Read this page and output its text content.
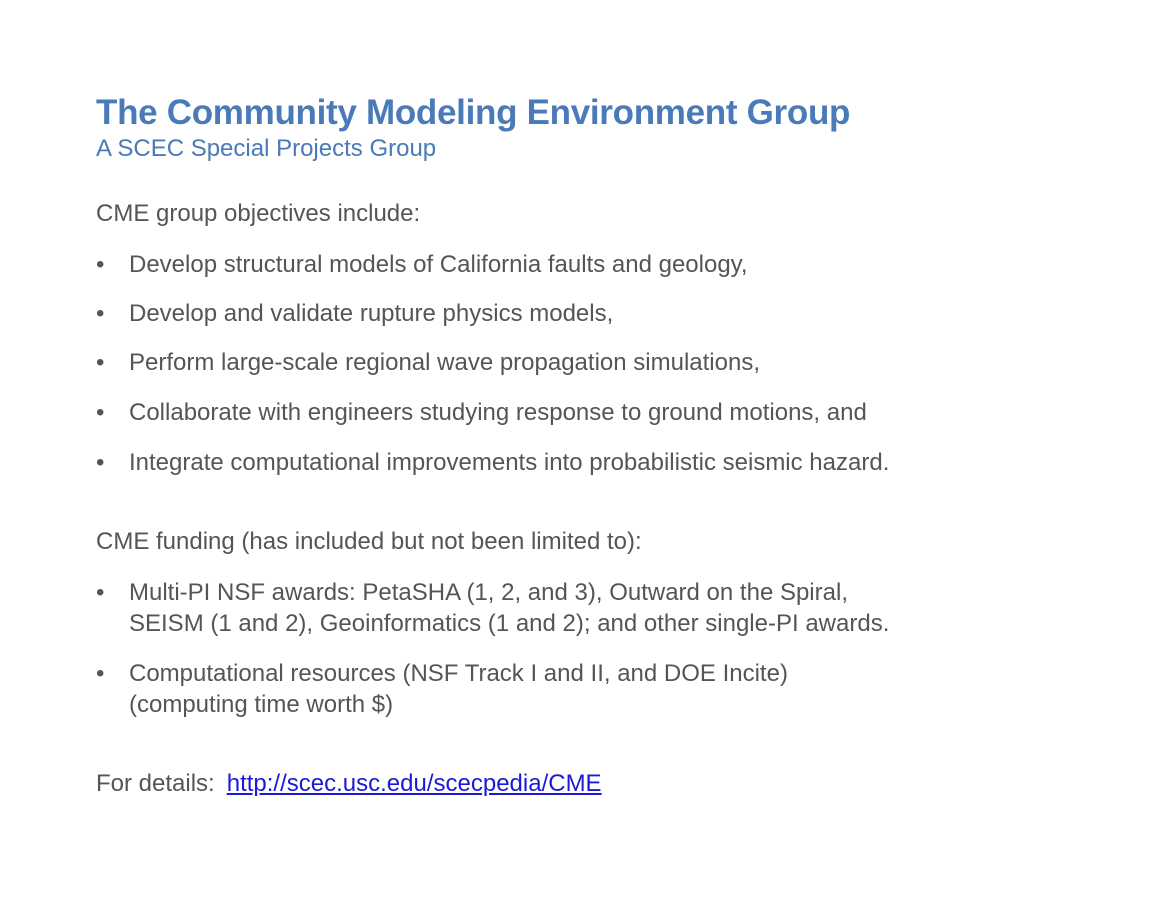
The Community Modeling Environment Group
A SCEC Special Projects Group

CME group objectives include:

• Develop structural models of California faults and geology,
• Develop and validate rupture physics models,
• Perform large-scale regional wave propagation simulations,
• Collaborate with engineers studying response to ground motions, and
• Integrate computational improvements into probabilistic seismic hazard.

CME funding (has included but not been limited to):

• Multi-PI NSF awards: PetaSHA (1, 2, and 3), Outward on the Spiral,
SEISM (1 and 2), Geoinformatics (1 and 2); and other single-PI awards.
• Computational resources (NSF Track I and II, and DOE Incite)
(computing time worth $)
For details: http://scec.usc.edu/scecpedia/CME
